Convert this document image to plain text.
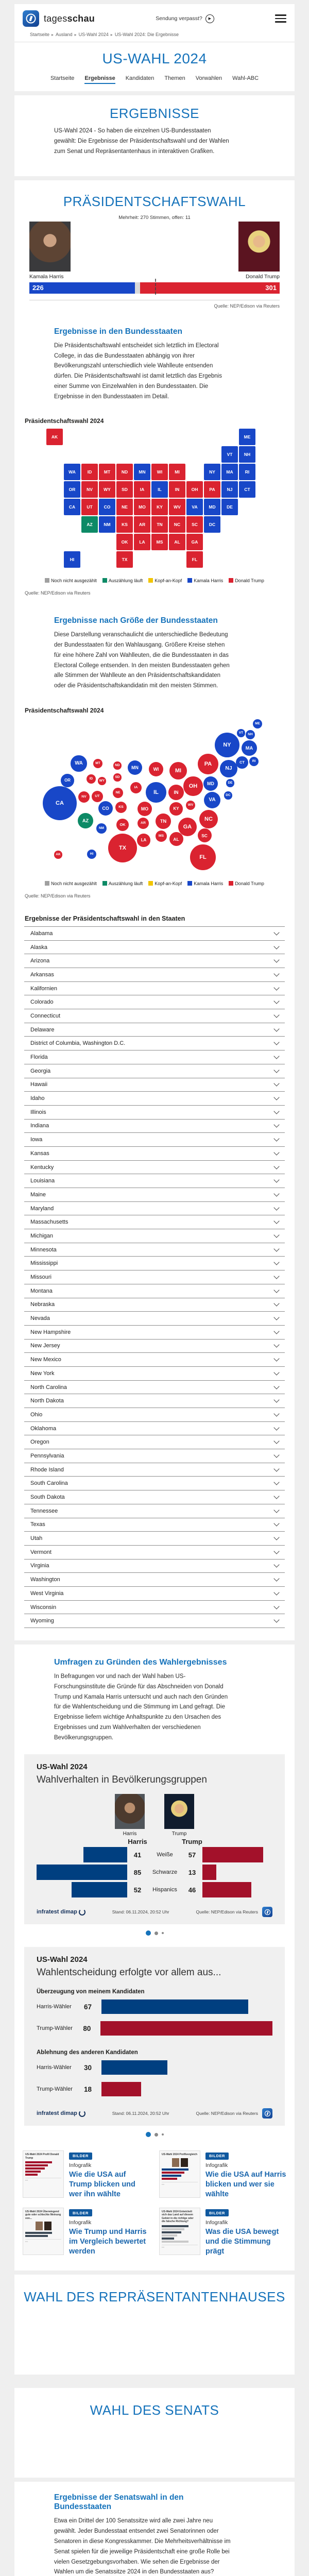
tagesschau	Sendung verpasst?	▶
Startseite ▸ Ausland ▸ US-Wahl 2024 ▸ US-Wahl 2024: Die Ergebnisse
US-WAHL 2024
Startseite Ergebnisse Kandidaten Themen Vorwahlen Wahl-ABC
ERGEBNISSE

US-Wahl 2024 - So haben die einzelnen US-Bundesstaaten gewählt: Die Ergebnisse der Präsidentschaftswahl und der Wahlen zum Senat und Repräsentantenhaus in interaktiven Grafiken.

PRÄSIDENTSCHAFTSWAHL
Mehrheit: 270 Stimmen, offen: 11
Kamala Harris	Donald Trump
226	301
Quelle: NEP/Edison via Reuters
Ergebnisse in den Bundesstaaten

Die Präsidentschaftswahl entscheidet sich letztlich im Electoral College, in das die Bundesstaaten abhängig von ihrer Bevölkerungszahl unterschiedlich viele Wahlleute entsenden dürfen. Die Präsidentschaftswahl ist damit letztlich das Ergebnis einer Summe von Einzelwahlen in den Bundesstaaten. Die Ergebnisse in den Bundesstaaten im Detail.

Präsidentschaftswahl 2024
AK	ME
VT	NH
WA	ID	MT	ND	MN	WI	MI	NY	MA	RI
OR	NV	WY	SD	IA	IL	IN	OH	PA	NJ	CT
CA	UT	CO	NE	MO	KY	WV	VA	MD	DE
AZ	NM	KS	AR	TN	NC	SC	DC
OK	LA	MS	AL	GA
HI	TX	FL
Noch nicht ausgezählt	Auszählung läuft	Kopf-an-Kopf	Kamala Harris	Donald Trump
Quelle: NEP/Edison via Reuters
Ergebnisse nach Größe der Bundesstaaten

Diese Darstellung veranschaulicht die unterschiedliche Bedeutung der Bundesstaaten für den Wahlausgang. Größere Kreise stehen für eine höhere Zahl von Wahlleuten, die die Bundesstaaten in das Electoral College entsenden. In den meisten Bundesstaaten gehen alle Stimmen der Wahlleute an den Präsidentschaftskandidaten oder die Präsidentschaftskandidatin mit den meisten Stimmen.

Präsidentschaftswahl 2024
AK
ME
VT	NH
WA
ID
MT
ND	MN	WI	MI
NY	MA
RI
OR
NV
WY
SD
IA
IL	IN
OH
PA
NJ
CT
CA
UT
CO
NE
MO	KY
WV
VA
MD	DE
AZ
NM
KS
AR	TN	NC
SC
DC
OK
LA
MS
AL
GA
HI
TX
FL
Noch nicht ausgezählt	Auszählung läuft	Kopf-an-Kopf	Kamala Harris	Donald Trump
Quelle: NEP/Edison via Reuters
Ergebnisse der Präsidentschaftswahl in den Staaten
Alabama
Alaska
Arizona
Arkansas
Kalifornien
Colorado
Connecticut
Delaware
District of Columbia, Washington D.C.
Florida
Georgia
Hawaii
Idaho
Illinois
Indiana
Iowa
Kansas
Kentucky
Louisiana
Maine
Maryland
Massachusetts
Michigan
Minnesota
Mississippi
Missouri
Montana
Nebraska
Nevada
New Hampshire
New Jersey
New Mexico
New York
North Carolina
North Dakota
Ohio
Oklahoma
Oregon
Pennsylvania
Rhode Island
South Carolina
South Dakota
Tennessee
Texas
Utah
Vermont
Virginia
Washington
West Virginia
Wisconsin
Wyoming
Umfragen zu Gründen des Wahlergebnisses

In Befragungen vor und nach der Wahl haben US-Forschungsinstitute die Gründe für das Abschneiden von Donald Trump und Kamala Harris untersucht und auch nach den Gründen für die Wahlentscheidung und die Stimmung im Land gefragt. Die Ergebnisse liefern wichtige Anhaltspunkte zu den Ursachen des Ergebnisses und zum Wahlverhalten der verschiedenen Bevölkerungsgruppen.

US-Wahl 2024
Wahlverhalten in Bevölkerungsgruppen
Harris	Trump
Harris	Trump
41	Weiße	57
85	Schwarze	13
52	Hispanics	46
infratest dimap	Stand: 06.11.2024, 20:52 Uhr	Quelle: NEP/Edison via Reuters
US-Wahl 2024
Wahlentscheidung erfolgte vor allem aus...
Überzeugung von meinem Kandidaten
Harris-Wähler	67
Trump-Wähler	80
Ablehnung des anderen Kandidaten
Harris-Wähler	30
Trump-Wähler	18
infratest dimap	Stand: 06.11.2024, 20:52 Uhr	Quelle: NEP/Edison via Reuters
US-Wahl 2024 Profil Donald Trump
▪▪▪▪
BILDER
Infografik
Wie die USA auf Trump blicken und wer ihn wählte
US-Wahl 2024 Profilvergleich
▪▪▪▪
BILDER
Infografik
Wie die USA auf Harris blicken und wer sie wählte
US-Wahl 2024 Überwiegend gute oder schlechte Meinung von...
▪▪▪▪
BILDER
Infografik
Wie Trump und Harris im Vergleich bewertet werden
US-Wahl 2024 Entwickelt sich das Land auf diesem Gebiet in die richtige oder die falsche Richtung?
▪▪▪▪
BILDER
Infografik
Was die USA bewegt und die Stimmung prägt
WAHL DES REPRÄSENTANTENHAUSES
WAHL DES SENATS
Ergebnisse der Senatswahl in den Bundesstaaten

Etwa ein Drittel der 100 Senatssitze wird alle zwei Jahre neu gewählt. Jeder Bundesstaat entsendet zwei Senatorinnen oder Senatoren in diese Kongresskammer. Die Mehrheitsverhältnisse im Senat spielen für die jeweilige Präsidentschaft eine große Rolle bei vielen Gesetzgebungsvorhaben. Wie sehen die Ergebnisse der Wahlen um die Senatssitze 2024 in den Bundesstaaten aus?
